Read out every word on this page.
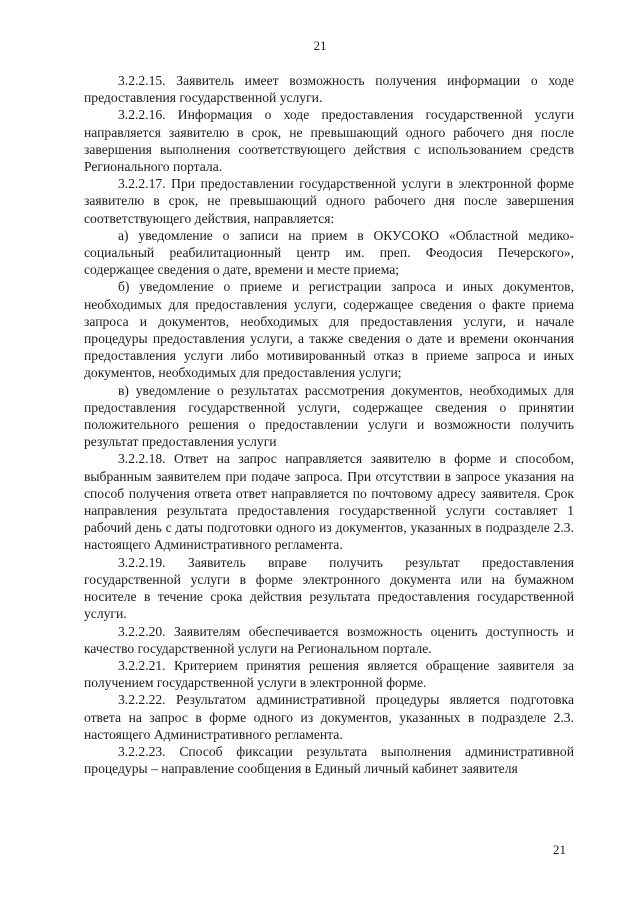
21

3.2.2.15. Заявитель имеет возможность получения информации о ходе предоставления государственной услуги.

3.2.2.16. Информация о ходе предоставления государственной услуги направляется заявителю в срок, не превышающий одного рабочего дня после завершения выполнения соответствующего действия с использованием средств Регионального портала.

3.2.2.17. При предоставлении государственной услуги в электронной форме заявителю в срок, не превышающий одного рабочего дня после завершения соответствующего действия, направляется:

а) уведомление о записи на прием в ОКУСОКО «Областной медико-социальный реабилитационный центр им. преп. Феодосия Печерского», содержащее сведения о дате, времени и месте приема;

б) уведомление о приеме и регистрации запроса и иных документов, необходимых для предоставления услуги, содержащее сведения о факте приема запроса и документов, необходимых для предоставления услуги, и начале процедуры предоставления услуги, а также сведения о дате и времени окончания предоставления услуги либо мотивированный отказ в приеме запроса и иных документов, необходимых для предоставления услуги;

в) уведомление о результатах рассмотрения документов, необходимых для предоставления государственной услуги, содержащее сведения о принятии положительного решения о предоставлении услуги и возможности получить результат предоставления услуги

3.2.2.18. Ответ на запрос направляется заявителю в форме и способом, выбранным заявителем при подаче запроса. При отсутствии в запросе указания на способ получения ответа ответ направляется по почтовому адресу заявителя. Срок направления результата предоставления государственной услуги составляет 1 рабочий день с даты подготовки одного из документов, указанных в подразделе 2.3. настоящего Административного регламента.

3.2.2.19. Заявитель вправе получить результат предоставления государственной услуги в форме электронного документа или на бумажном носителе в течение срока действия результата предоставления государственной услуги.

3.2.2.20. Заявителям обеспечивается возможность оценить доступность и качество государственной услуги на Региональном портале.

3.2.2.21. Критерием принятия решения является обращение заявителя за получением государственной услуги в электронной форме.

3.2.2.22. Результатом административной процедуры является подготовка ответа на запрос в форме одного из документов, указанных в подразделе 2.3. настоящего Административного регламента.

3.2.2.23. Способ фиксации результата выполнения административной процедуры – направление сообщения в Единый личный кабинет заявителя

21
